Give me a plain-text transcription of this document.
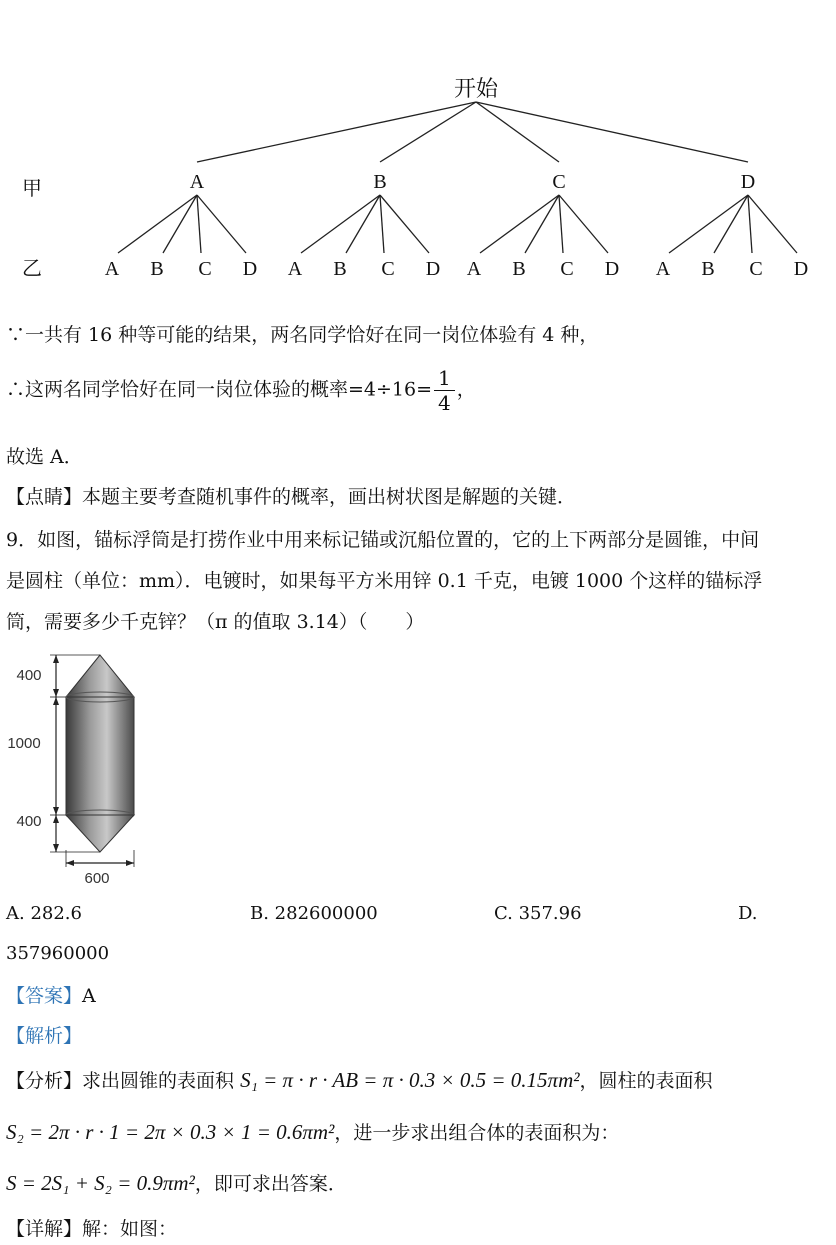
开始
甲
乙
A
A B C D
B
A B C D
C
A B C D
D
A B C D
∵一共有 16 种等可能的结果，两名同学恰好在同一岗位体验有 4 种，
∴这两名同学恰好在同一岗位体验的概率$=4\div 16= \frac{1}{4}$ ，
故选 A．
【点睛】本题主要考查随机事件的概率，画出树状图是解题的关键．
9．如图，锚标浮筒是打捞作业中用来标记锚或沉船位置的，它的上下两部分是圆锥，中间
是圆柱（单位：mm）．电镀时，如果每平方米用锌 0.1 千克，电镀 1000 个这样的锚标浮
筒，需要多少千克锌？（π 的值取 3.14）（　　）
400
1000
400
600
A. 282.6	B. 282600000	C. 357.96	D.
357960000
【答案】A
【解析】
【分析】求出圆锥的表面积 S₁ = π · r · AB = π · 0.3 × 0.5 = 0.15πm²，圆柱的表面积
S₂ = 2π · r · 1 = 2π × 0.3 × 1 = 0.6πm²，进一步求出组合体的表面积为：
S = 2S₁ + S₂ = 0.9πm²，即可求出答案．
【详解】解：如图：
